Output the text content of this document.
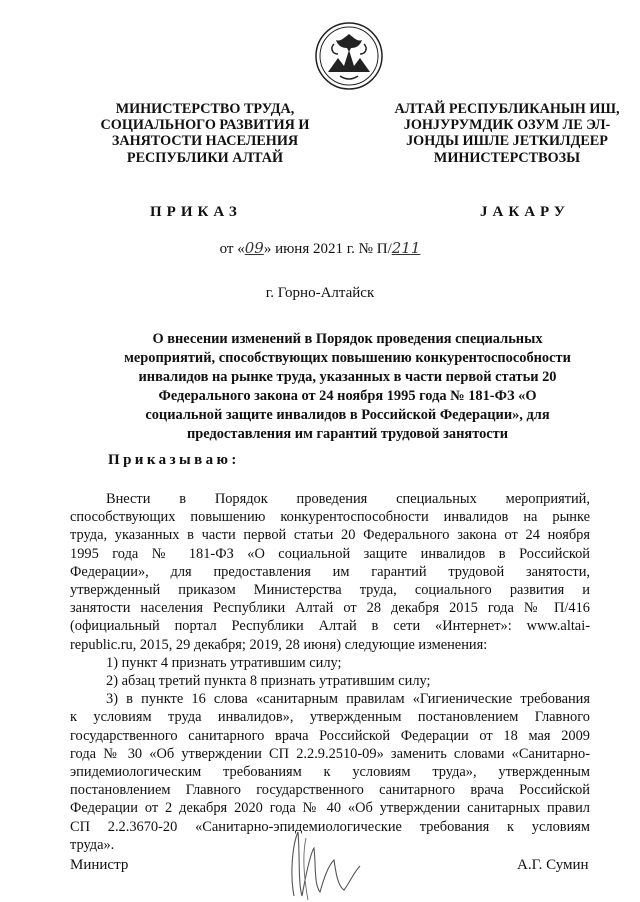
МИНИСТЕРСТВО ТРУДА,
СОЦИАЛЬНОГО РАЗВИТИЯ И
ЗАНЯТОСТИ НАСЕЛЕНИЯ
РЕСПУБЛИКИ АЛТАЙ
АЛТАЙ РЕСПУБЛИКАНЫН ИШ,
ЈОНЈУРУМДИК ОЗУМ ЛЕ ЭЛ-
ЈОНДЫ ИШЛЕ ЈЕТКИЛДЕЕР
МИНИСТЕРСТВОЗЫ
ПРИКАЗ	ЈАКАРУ
от «09» июня 2021 г. № П/211
г. Горно-Алтайск
О внесении изменений в Порядок проведения специальных
мероприятий, способствующих повышению конкурентоспособности
инвалидов на рынке труда, указанных в части первой статьи 20
Федерального закона от 24 ноября 1995 года № 181-ФЗ «О
социальной защите инвалидов в Российской Федерации», для
предоставления им гарантий трудовой занятости
Приказываю:

Внести в Порядок проведения специальных мероприятий,

способствующих повышению конкурентоспособности инвалидов на рынке

труда, указанных в части первой статьи 20 Федерального закона от 24 ноября

1995 года № 181-ФЗ «О социальной защите инвалидов в Российской

Федерации», для предоставления им гарантий трудовой занятости,

утвержденный приказом Министерства труда, социального развития и

занятости населения Республики Алтай от 28 декабря 2015 года № П/416

(официальный портал Республики Алтай в сети «Интернет»: www.altai-

republic.ru, 2015, 29 декабря; 2019, 28 июня) следующие изменения:

1) пункт 4 признать утратившим силу;

2) абзац третий пункта 8 признать утратившим силу;

3) в пункте 16 слова «санитарным правилам «Гигиенические требования

к условиям труда инвалидов», утвержденным постановлением Главного

государственного санитарного врача Российской Федерации от 18 мая 2009

года № 30 «Об утверждении СП 2.2.9.2510-09» заменить словами «Санитарно-

эпидемиологическим требованиям к условиям труда», утвержденным

постановлением Главного государственного санитарного врача Российской

Федерации от 2 декабря 2020 года № 40 «Об утверждении санитарных правил

СП 2.2.3670-20 «Санитарно-эпидемиологические требования к условиям

труда».

Министр	А.Г. Сумин
